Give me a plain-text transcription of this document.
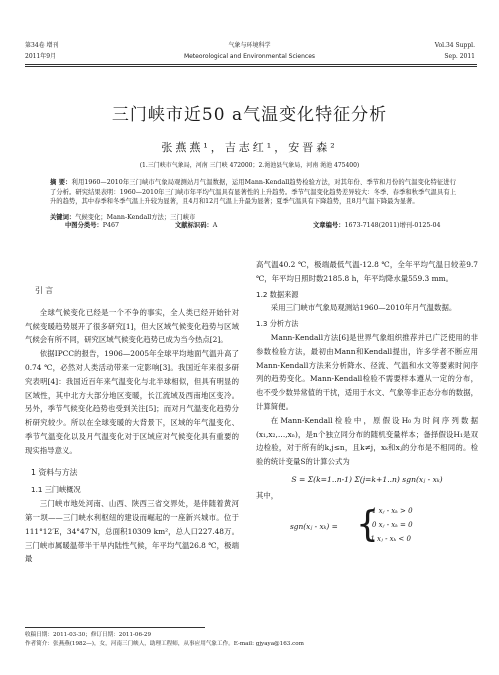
第34卷 增刊
2011年9月
气象与环境科学
Meteorological and Environmental Sciences
Vol.34 Suppl.
Sep. 2011
三门峡市近50 a气温变化特征分析
张燕燕¹，吉志红¹，安晋森²
(1.三门峡市气象局，河南 三门峡 472000；2.渑池县气象局，河南 渑池 475400)
摘 要：利用1960—2010年三门峡市气象局观测站月气温数据，运用Mann-Kendall趋势检验方法，对其年份、季节和月份的气温变化特征进行了分析。研究结果表明：1960—2010年三门峡市年平均气温具有显著性的上升趋势。季节气温变化趋势差异较大：冬季、春季和秋季气温具有上升的趋势，其中春季和冬季气温上升较为显著，且4月和12月气温上升最为显著；夏季气温具有下降趋势，且8月气温下降最为显著。
关键词：气候变化；Mann-Kendall方法；三门峡市
中图分类号：P467	文献标识码：A	文章编号：1673-7148(2011)增刊-0125-04
引 言

全球气候变化已经是一个不争的事实，全人类已经开始针对气候变暖趋势展开了很多研究[1]，但大区域气候变化趋势与区域气候会有所不同，研究区域气候变化趋势已成为当今热点[2]。

依据IPCC的报告，1906—2005年全球平均地面气温升高了0.74 ℃，必然对人类活动带来一定影响[3]。我国近年来很多研究表明[4]：我国近百年来气温变化与北半球相似，但具有明显的区域性，其中北方大部分地区变暖，长江流域及西南地区变冷。另外，季节气候变化趋势也受到关注[5]；而对月气温变化趋势分析研究较少。所以在全球变暖的大背景下，区域的年气温变化、季节气温变化以及月气温变化对于区域应对气候变化具有重要的现实指导意义。

1 资料与方法
1.1 三门峡概况

三门峡市地处河南、山西、陕西三省交界处，是伴随着黄河第一坝——三门峡水利枢纽的建设而崛起的一座新兴城市。位于111°12′E，34°47′N，总面积10309 km²，总人口227.48万。三门峡市属暖温带半干旱内陆性气候，年平均气温26.8 ℃，极端最

高气温40.2 ℃，极端最低气温-12.8 ℃，全年平均气温日较差9.7 ℃，年平均日照时数2185.8 h，年平均降水量559.3 mm。

1.2 数据来源

采用三门峡市气象局观测站1960—2010年月气温数据。

1.3 分析方法

Mann-Kendall方法[6]是世界气象组织推荐并已广泛使用的非参数检验方法，最初由Mann和Kendall提出，许多学者不断应用Mann-Kendall方法来分析降水、径流、气温和水文等要素时间序列的趋势变化。Mann-Kendall检验不需要样本遵从一定的分布，也不受少数异常值的干扰，适用于水文、气象等非正态分布的数据，计算简便。

在Mann-Kendall检验中，原假设H₀为时间序列数据(x₁,x₂,…,xₙ)，是n个独立同分布的随机变量样本；备择假设H₁是双边检验，对于所有的k,j≤n，且k≠j，xₖ和xⱼ的分布是不相同的。检验的统计变量S的计算公式为

S = Σ(k=1..n-1) Σ(j=k+1..n) sgn(xⱼ - xₖ)
其中，
sgn(xⱼ - xₖ) = {
1 xⱼ - xₖ > 0
0 xⱼ - xₖ = 0
-1 xⱼ - xₖ < 0
收稿日期：2011-03-30；修订日期：2011-06-29
作者简介：张燕燕(1982—)，女，河南三门峡人，助理工程师，从事应用气象工作。E-mail: gjyaya@163.com
